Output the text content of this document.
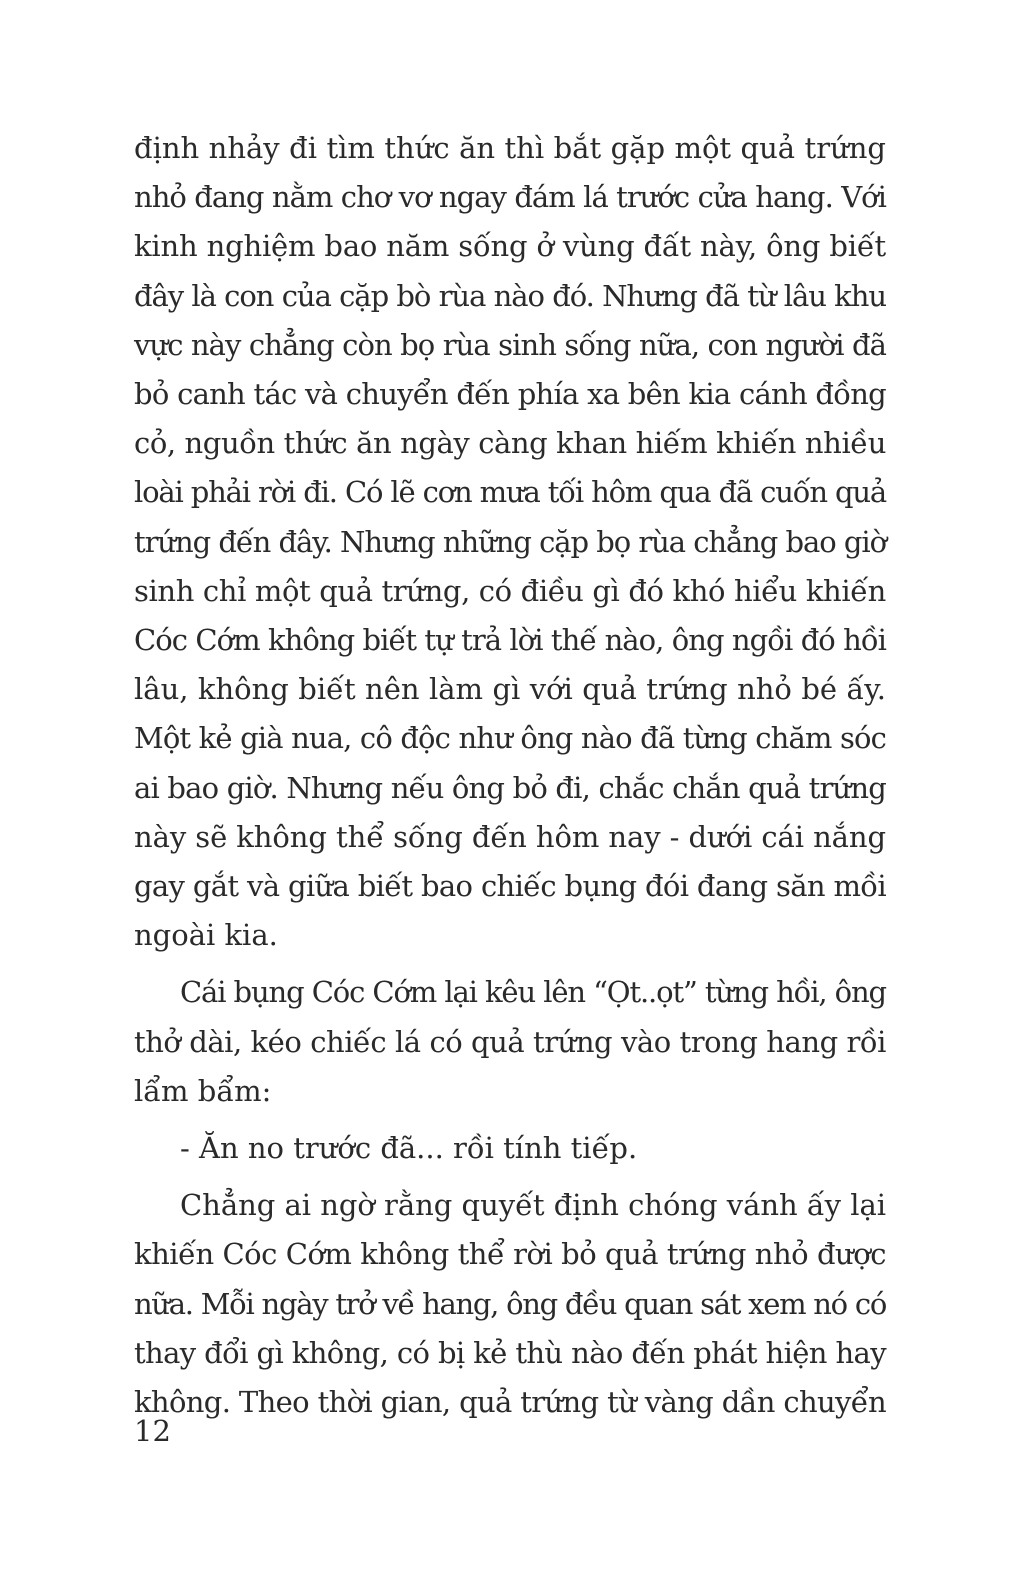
định nhảy đi tìm thức ăn thì bắt gặp một quả trứng
nhỏ đang nằm chơ vơ ngay đám lá trước cửa hang. Với
kinh nghiệm bao năm sống ở vùng đất này, ông biết
đây là con của cặp bò rùa nào đó. Nhưng đã từ lâu khu
vực này chẳng còn bọ rùa sinh sống nữa, con người đã
bỏ canh tác và chuyển đến phía xa bên kia cánh đồng
cỏ, nguồn thức ăn ngày càng khan hiếm khiến nhiều
loài phải rời đi. Có lẽ cơn mưa tối hôm qua đã cuốn quả
trứng đến đây. Nhưng những cặp bọ rùa chẳng bao giờ
sinh chỉ một quả trứng, có điều gì đó khó hiểu khiến
Cóc Cớm không biết tự trả lời thế nào, ông ngồi đó hồi
lâu, không biết nên làm gì với quả trứng nhỏ bé ấy.
Một kẻ già nua, cô độc như ông nào đã từng chăm sóc
ai bao giờ. Nhưng nếu ông bỏ đi, chắc chắn quả trứng
này sẽ không thể sống đến hôm nay - dưới cái nắng
gay gắt và giữa biết bao chiếc bụng đói đang săn mồi
ngoài kia.
Cái bụng Cóc Cớm lại kêu lên “Ọt..ọt” từng hồi, ông
thở dài, kéo chiếc lá có quả trứng vào trong hang rồi
lẩm bẩm:
- Ăn no trước đã... rồi tính tiếp.
Chẳng ai ngờ rằng quyết định chóng vánh ấy lại
khiến Cóc Cớm không thể rời bỏ quả trứng nhỏ được
nữa. Mỗi ngày trở về hang, ông đều quan sát xem nó có
thay đổi gì không, có bị kẻ thù nào đến phát hiện hay
không. Theo thời gian, quả trứng từ vàng dần chuyển
12
